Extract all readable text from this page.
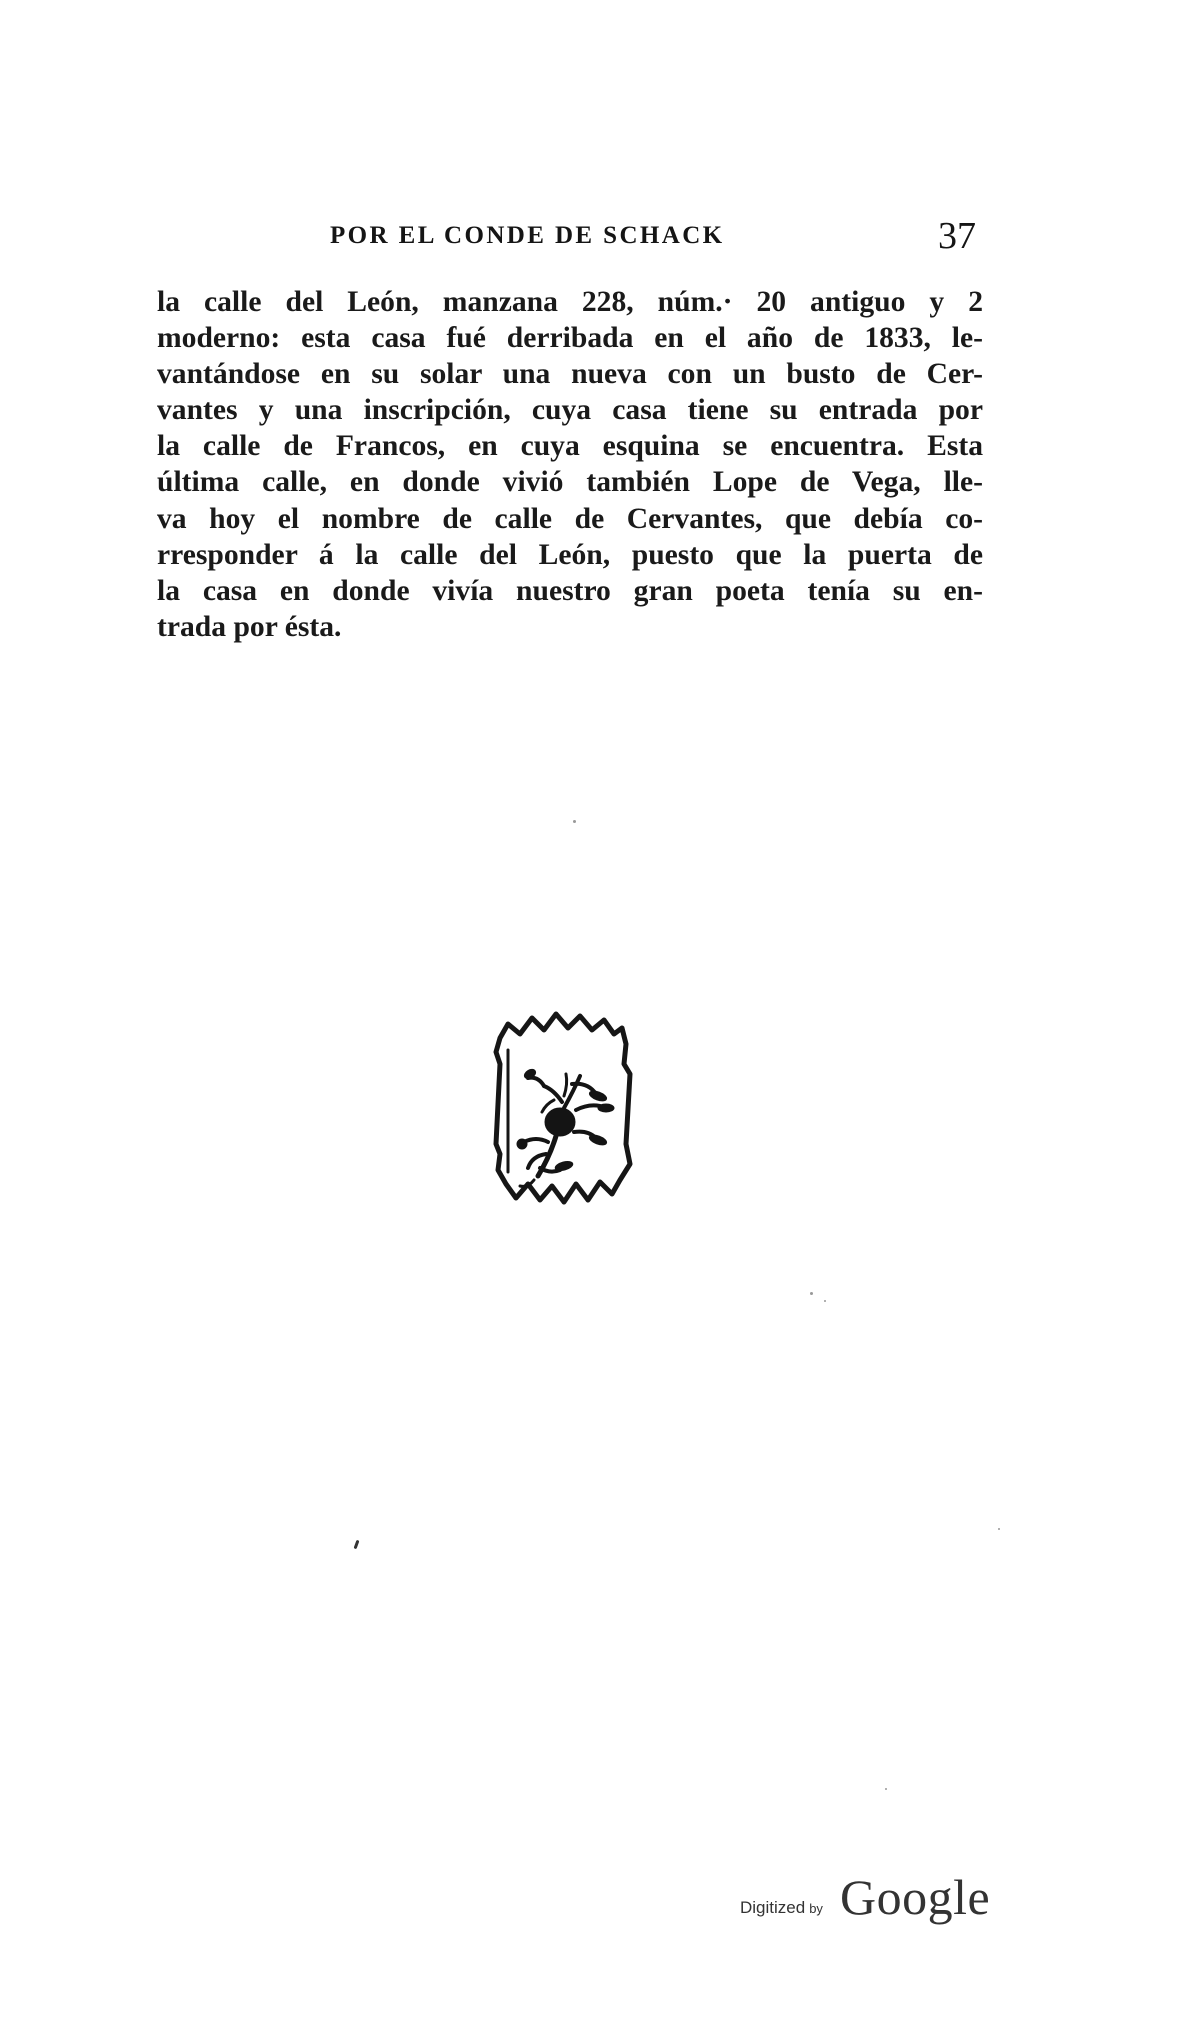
POR EL CONDE DE SCHACK	37
la calle del León, manzana 228, núm.· 20 antiguo y 2
moderno: esta casa fué derribada en el año de 1833, le-
vantándose en su solar una nueva con un busto de Cer-
vantes y una inscripción, cuya casa tiene su entrada por
la calle de Francos, en cuya esquina se encuentra. Esta
última calle, en donde vivió también Lope de Vega, lle-
va hoy el nombre de calle de Cervantes, que debía co-
rresponder á la calle del León, puesto que la puerta de
la casa en donde vivía nuestro gran poeta tenía su en-
trada por ésta.
Digitized by Google
